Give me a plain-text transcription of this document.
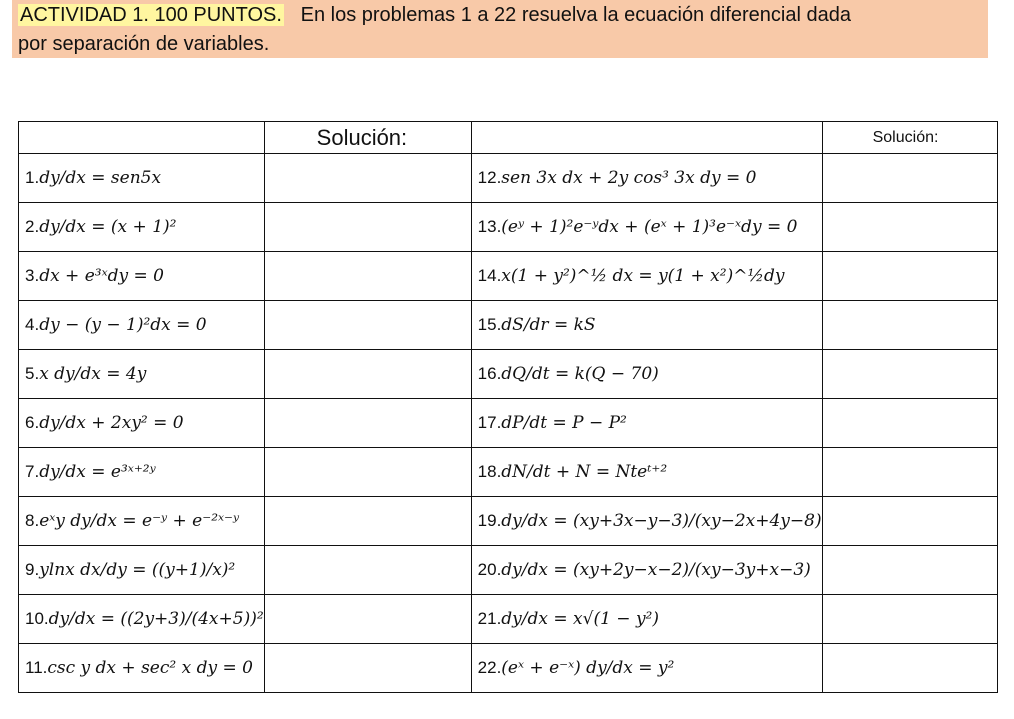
ACTIVIDAD 1. 100 PUNTOS. En los problemas 1 a 22 resuelva la ecuación diferencial dada
por separación de variables.

	Solución:		Solución:

1.dy/dx = sen5x		12.sen 3x dx + 2y cos³ 3x dy = 0	
2.dy/dx = (x + 1)²		13.(eʸ + 1)²e⁻ʸdx + (eˣ + 1)³e⁻ˣdy = 0	
3.dx + e³ˣdy = 0		14.x(1 + y²)^½ dx = y(1 + x²)^½dy	
4.dy − (y − 1)²dx = 0		15.dS/dr = kS	
5.x dy/dx = 4y		16.dQ/dt = k(Q − 70)	
6.dy/dx + 2xy² = 0		17.dP/dt = P − P²	
7.dy/dx = e³ˣ⁺²ʸ		18.dN/dt + N = Nteᵗ⁺²	
8.eˣy dy/dx = e⁻ʸ + e⁻²ˣ⁻ʸ		19.dy/dx = (xy+3x−y−3)/(xy−2x+4y−8)	
9.ylnx dx/dy = ((y+1)/x)²		20.dy/dx = (xy+2y−x−2)/(xy−3y+x−3)	
10.dy/dx = ((2y+3)/(4x+5))²		21.dy/dx = x√(1 − y²)	
11.csc y dx + sec² x dy = 0		22.(eˣ + e⁻ˣ) dy/dx = y²	
